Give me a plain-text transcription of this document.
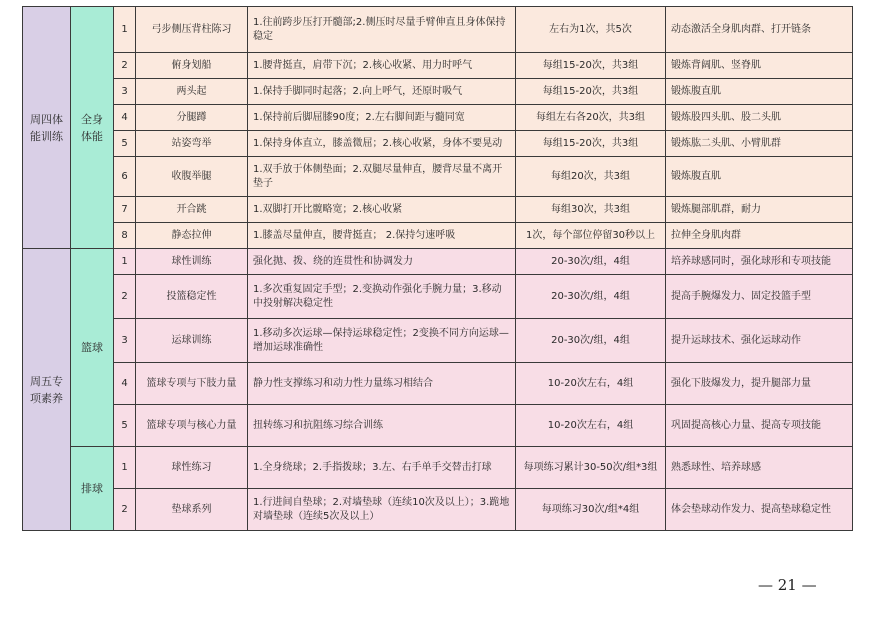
周四体能训练	全身体能	1	弓步侧压背柱陈习	1.往前跨步压打开髓部;2.侧压时尽量手臂伸直且身体保持稳定	左右为1次，共5次	动态激活全身肌肉群、打开链条
		2	俯身划船	1.腰背挺直，肩带下沉；2.核心收紧、用力时呼气	每组15-20次，共3组	锻炼背阔肌、竖脊肌
		3	两头起	1.保持手脚同时起落；2.向上呼气，还原时吸气	每组15-20次，共3组	锻炼腹直肌
		4	分腿蹲	1.保持前后脚屈膝90度；2.左右脚间距与髓同宽	每组左右各20次，共3组	锻炼股四头肌、股二头肌
		5	站姿弯举	1.保持身体直立，膝盖微屈；2.核心收紧，身体不要晃动	每组15-20次，共3组	锻炼肱二头肌、小臂肌群
		6	收腹举腿	1.双手放于体侧垫面；2.双腿尽量伸直，腰背尽量不离开垫子	每组20次，共3组	锻炼腹直肌
		7	开合跳	1.双脚打开比髋略宽；2.核心收紧	每组30次，共3组	锻炼腿部肌群，耐力
		8	静态拉伸	1.膝盖尽量伸直，腰背挺直； 2.保持匀速呼吸	1次，每个部位停留30秒以上	拉伸全身肌肉群
周五专项素养	篮球	1	球性训练	强化抛、拨、绕的连贯性和协调发力	20-30次/组，4组	培养球感同时，强化球形和专项技能
		2	投篮稳定性	1.多次重复固定手型；2.变换动作强化手腕力量；3.移动中投射解决稳定性	20-30次/组，4组	提高手腕爆发力、固定投篮手型
		3	运球训练	1.移动多次运球—保持运球稳定性；2变换不同方向运球—增加运球准确性	20-30次/组，4组	提升运球技术、强化运球动作
		4	篮球专项与下肢力量	静力性支撑练习和动力性力量练习相结合	10-20次左右，4组	强化下肢爆发力，提升腿部力量
		5	篮球专项与核心力量	扭转练习和抗阻练习综合训练	10-20次左右，4组	巩固提高核心力量、提高专项技能
	排球	1	球性练习	1.全身绕球；2.手指拨球；3.左、右手单手交替击打球	每项练习累计30-50次/组*3组	熟悉球性、培养球感
		2	垫球系列	1.行进间自垫球；2.对墙垫球（连续10次及以上）；3.跪地对墙垫球（连续5次及以上）	每项练习30次/组*4组	体会垫球动作发力、提高垫球稳定性
— 21 —
